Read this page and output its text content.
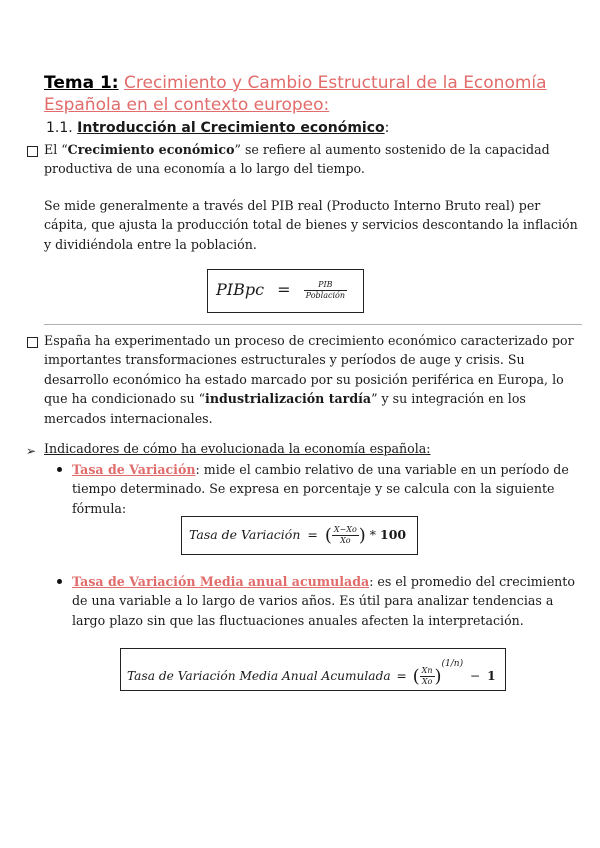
Tema 1: Crecimiento y Cambio Estructural de la Economía Española en el contexto europeo:
1.1. Introducción al Crecimiento económico:
El “Crecimiento económico” se refiere al aumento sostenido de la capacidad productiva de una economía a lo largo del tiempo.
Se mide generalmente a través del PIB real (Producto Interno Bruto real) per cápita, que ajusta la producción total de bienes y servicios descontando la inflación y dividiéndola entre la población.
PIBpc = $\frac{\text{PIB}}{\text{Población}}$
España ha experimentado un proceso de crecimiento económico caracterizado por importantes transformaciones estructurales y períodos de auge y crisis. Su desarrollo económico ha estado marcado por su posición periférica en Europa, lo que ha condicionado su “industrialización tardía” y su integración en los mercados internacionales.
➢ Indicadores de cómo ha evolucionada la economía española:
Tasa de Variación: mide el cambio relativo de una variable en un período de tiempo determinado. Se expresa en porcentaje y se calcula con la siguiente fórmula:
Tasa de Variación = ( $\frac{X-Xo}{Xo}$ ) * 100
Tasa de Variación Media anual acumulada: es el promedio del crecimiento de una variable a lo largo de varios años. Es útil para analizar tendencias a largo plazo sin que las fluctuaciones anuales afecten la interpretación.
Tasa de Variación Media Anual Acumulada = ( $\frac{Xn}{Xo} )^{(1/n)} - 1$
